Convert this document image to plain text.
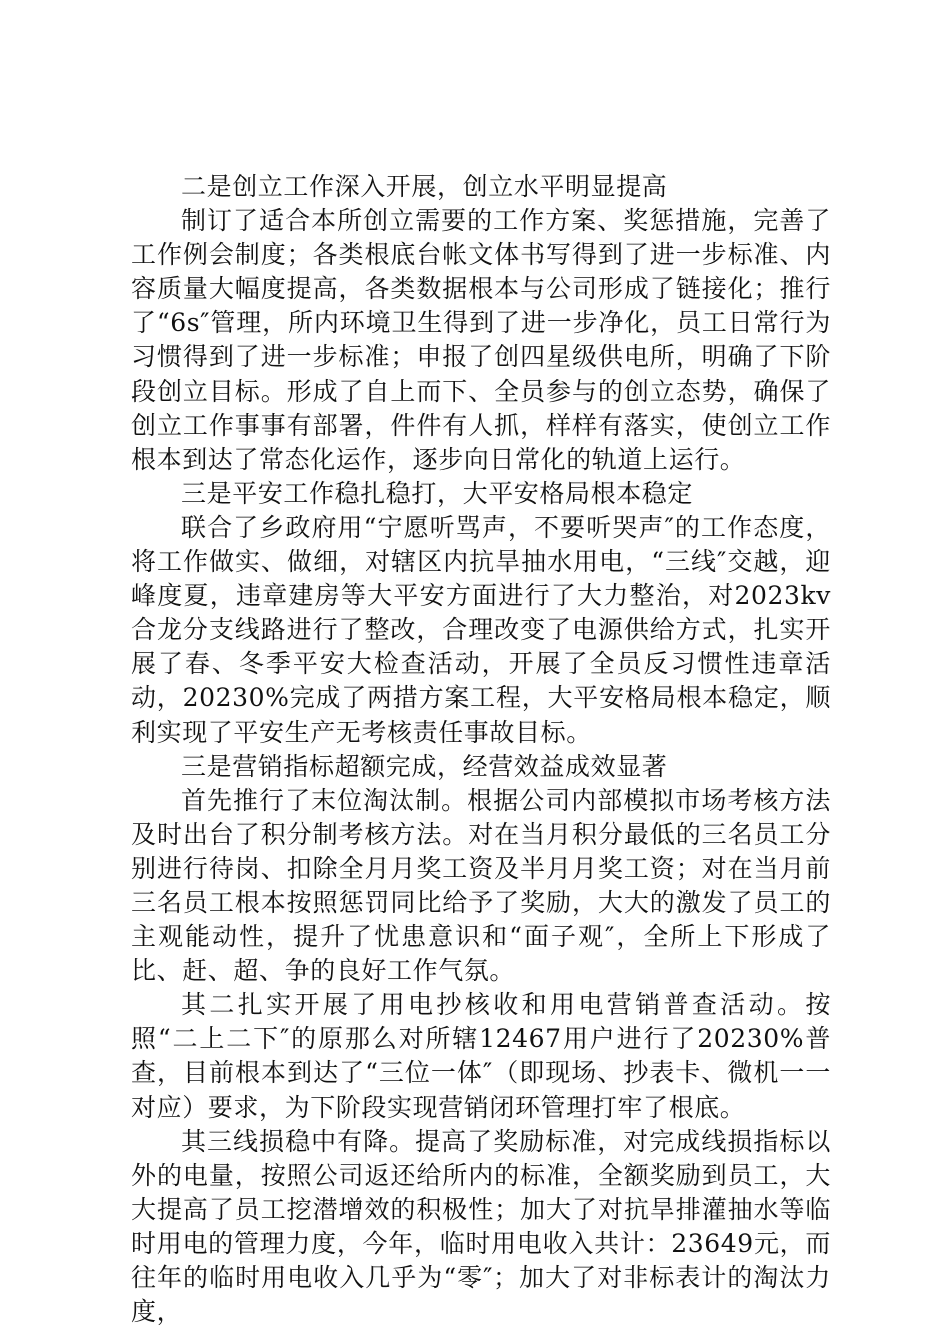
二是创立工作深入开展，创立水平明显提高

制订了适合本所创立需要的工作方案、奖惩措施，完善了工作例会制度；各类根底台帐文体书写得到了进一步标准、内容质量大幅度提高，各类数据根本与公司形成了链接化；推行了“6s″管理，所内环境卫生得到了进一步净化，员工日常行为习惯得到了进一步标准；申报了创四星级供电所，明确了下阶段创立目标。形成了自上而下、全员参与的创立态势，确保了创立工作事事有部署，件件有人抓，样样有落实，使创立工作根本到达了常态化运作，逐步向日常化的轨道上运行。

三是平安工作稳扎稳打，大平安格局根本稳定

联合了乡政府用“宁愿听骂声，不要听哭声″的工作态度，将工作做实、做细，对辖区内抗旱抽水用电，“三线″交越，迎峰度夏，违章建房等大平安方面进行了大力整治，对2023kv合龙分支线路进行了整改，合理改变了电源供给方式，扎实开展了春、冬季平安大检查活动，开展了全员反习惯性违章活动，20230%完成了两措方案工程，大平安格局根本稳定，顺利实现了平安生产无考核责任事故目标。

三是营销指标超额完成，经营效益成效显著

首先推行了末位淘汰制。根据公司内部模拟市场考核方法及时出台了积分制考核方法。对在当月积分最低的三名员工分别进行待岗、扣除全月月奖工资及半月月奖工资；对在当月前三名员工根本按照惩罚同比给予了奖励，大大的激发了员工的主观能动性，提升了忧患意识和“面子观″，全所上下形成了比、赶、超、争的良好工作气氛。

其二扎实开展了用电抄核收和用电营销普查活动。按照“二上二下″的原那么对所辖12467用户进行了20230%普查，目前根本到达了“三位一体″（即现场、抄表卡、微机一一对应）要求，为下阶段实现营销闭环管理打牢了根底。

其三线损稳中有降。提高了奖励标准，对完成线损指标以外的电量，按照公司返还给所内的标准，全额奖励到员工，大大提高了员工挖潜增效的积极性；加大了对抗旱排灌抽水等临时用电的管理力度，今年，临时用电收入共计：23649元，而往年的临时用电收入几乎为“零″；加大了对非标表计的淘汰力度，
